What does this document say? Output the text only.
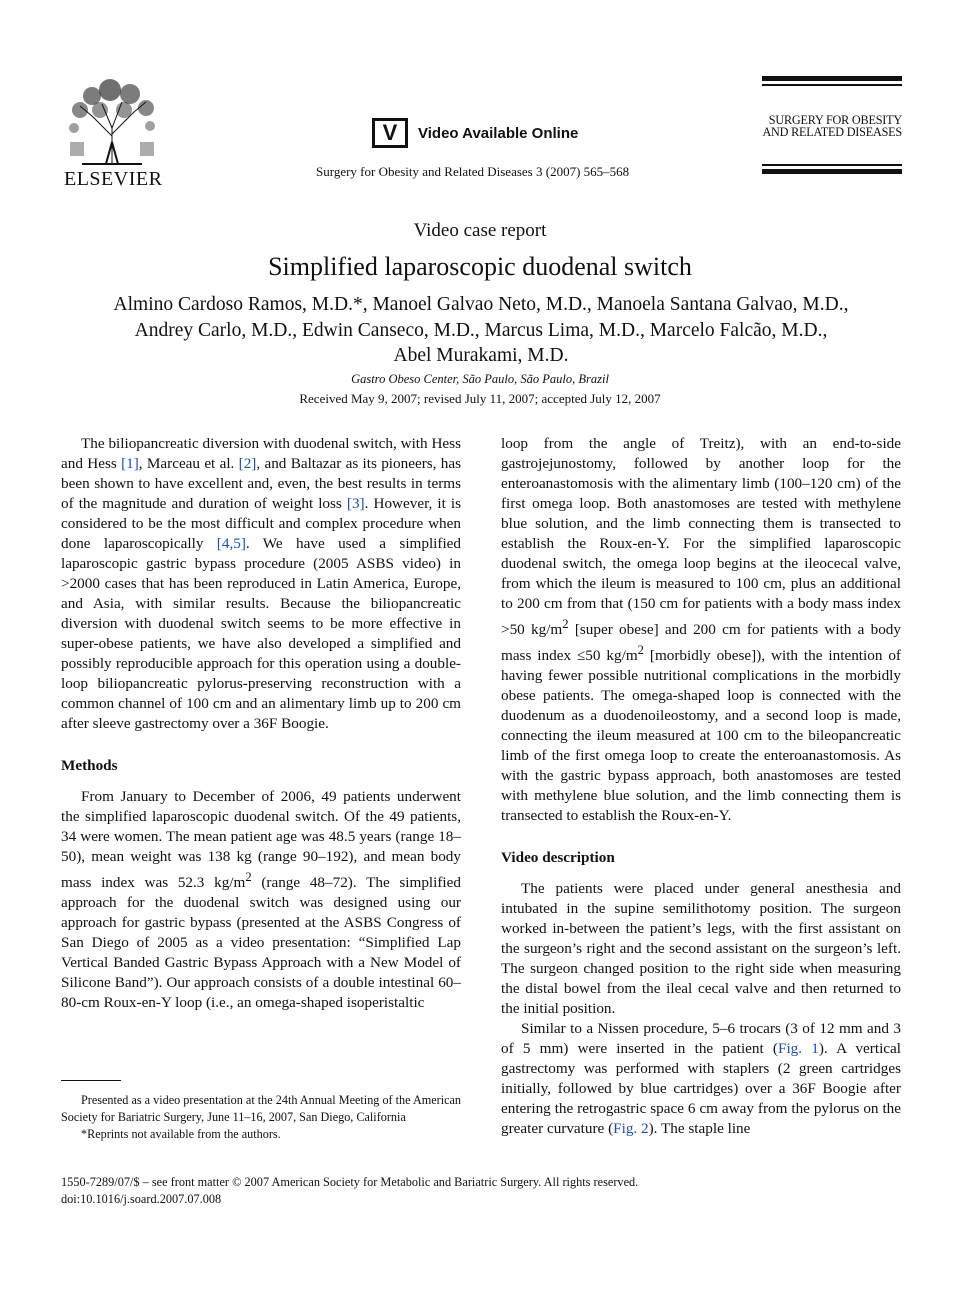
ELSEVIER
V Video Available Online
Surgery for Obesity and Related Diseases 3 (2007) 565–568
SURGERY FOR OBESITY
AND RELATED DISEASES
Video case report
Simplified laparoscopic duodenal switch
Almino Cardoso Ramos, M.D.*, Manoel Galvao Neto, M.D., Manoela Santana Galvao, M.D.,
Andrey Carlo, M.D., Edwin Canseco, M.D., Marcus Lima, M.D., Marcelo Falcão, M.D.,
Abel Murakami, M.D.
Gastro Obeso Center, São Paulo, São Paulo, Brazil
Received May 9, 2007; revised July 11, 2007; accepted July 12, 2007

The biliopancreatic diversion with duodenal switch, with Hess and Hess [1], Marceau et al. [2], and Baltazar as its pioneers, has been shown to have excellent and, even, the best results in terms of the magnitude and duration of weight loss [3]. However, it is considered to be the most difficult and complex procedure when done laparoscopically [4,5]. We have used a simplified laparoscopic gastric bypass procedure (2005 ASBS video) in >2000 cases that has been reproduced in Latin America, Europe, and Asia, with similar results. Because the biliopancreatic diversion with duodenal switch seems to be more effective in super-obese patients, we have also developed a simplified and possibly reproducible approach for this operation using a double-loop biliopancreatic pylorus-preserving reconstruction with a common channel of 100 cm and an alimentary limb up to 200 cm after sleeve gastrectomy over a 36F Boogie.

Methods

From January to December of 2006, 49 patients underwent the simplified laparoscopic duodenal switch. Of the 49 patients, 34 were women. The mean patient age was 48.5 years (range 18–50), mean weight was 138 kg (range 90–192), and mean body mass index was 52.3 $kg/m^2$ (range 48–72). The simplified approach for the duodenal switch was designed using our approach for gastric bypass (presented at the ASBS Congress of San Diego of 2005 as a video presentation: “Simplified Lap Vertical Banded Gastric Bypass Approach with a New Model of Silicone Band”). Our approach consists of a double intestinal 60–80-cm Roux-en-Y loop (i.e., an omega-shaped isoperistaltic

loop from the angle of Treitz), with an end-to-side gastrojejunostomy, followed by another loop for the enteroanastomosis with the alimentary limb (100–120 cm) of the first omega loop. Both anastomoses are tested with methylene blue solution, and the limb connecting them is transected to establish the Roux-en-Y. For the simplified laparoscopic duodenal switch, the omega loop begins at the ileocecal valve, from which the ileum is measured to 100 cm, plus an additional to 200 cm from that (150 cm for patients with a body mass index >50 $kg/m^2$ [super obese] and 200 cm for patients with a body mass index ≤50 $kg/m^2$ [morbidly obese]), with the intention of having fewer possible nutritional complications in the morbidly obese patients. The omega-shaped loop is connected with the duodenum as a duodenoileostomy, and a second loop is made, connecting the ileum measured at 100 cm to the bileopancreatic limb of the first omega loop to create the enteroanastomosis. As with the gastric bypass approach, both anastomoses are tested with methylene blue solution, and the limb connecting them is transected to establish the Roux-en-Y.

Video description

The patients were placed under general anesthesia and intubated in the supine semilithotomy position. The surgeon worked in-between the patient’s legs, with the first assistant on the surgeon’s right and the second assistant on the surgeon’s left. The surgeon changed position to the right side when measuring the distal bowel from the ileal cecal valve and then returned to the initial position.

Similar to a Nissen procedure, 5–6 trocars (3 of 12 mm and 3 of 5 mm) were inserted in the patient (Fig. 1). A vertical gastrectomy was performed with staplers (2 green cartridges initially, followed by blue cartridges) over a 36F Boogie after entering the retrogastric space 6 cm away from the pylorus on the greater curvature (Fig. 2). The staple line

Presented as a video presentation at the 24th Annual Meeting of the American Society for Bariatric Surgery, June 11–16, 2007, San Diego, California

*Reprints not available from the authors.

1550-7289/07/$ – see front matter © 2007 American Society for Metabolic and Bariatric Surgery. All rights reserved.
doi:10.1016/j.soard.2007.07.008
